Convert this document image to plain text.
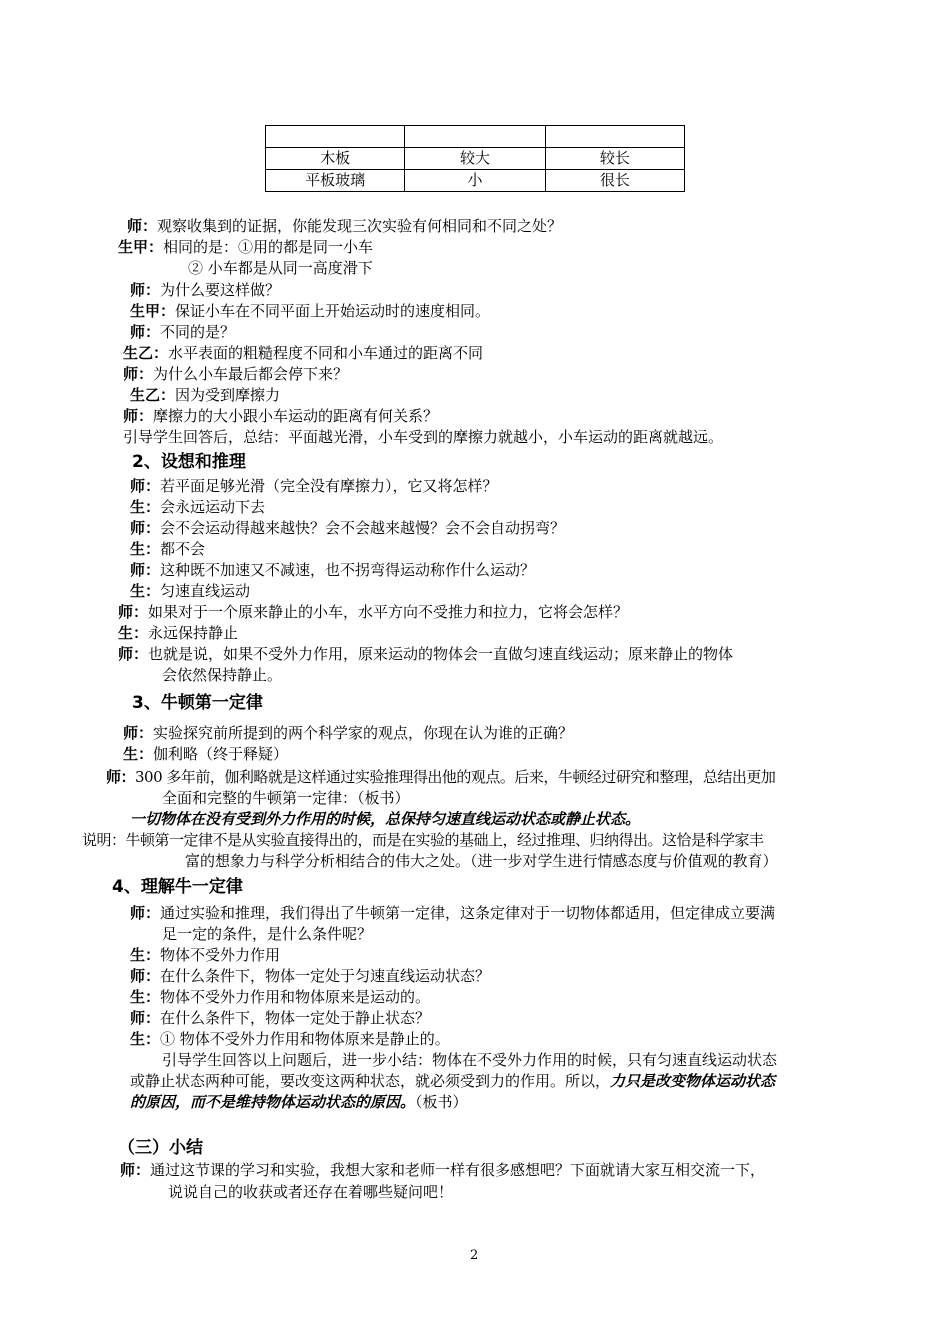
木板	较大	较长
平板玻璃	小	很长
师：观察收集到的证据，你能发现三次实验有何相同和不同之处？
生甲：相同的是：①用的都是同一小车
② 小车都是从同一高度滑下
师：为什么要这样做？
生甲：保证小车在不同平面上开始运动时的速度相同。
师：不同的是？
生乙：水平表面的粗糙程度不同和小车通过的距离不同
师：为什么小车最后都会停下来？
生乙：因为受到摩擦力
师：摩擦力的大小跟小车运动的距离有何关系？
引导学生回答后，总结：平面越光滑，小车受到的摩擦力就越小，小车运动的距离就越远。
2、设想和推理
师：若平面足够光滑（完全没有摩擦力），它又将怎样？
生：会永远运动下去
师：会不会运动得越来越快？会不会越来越慢？会不会自动拐弯？
生：都不会
师：这种既不加速又不减速，也不拐弯得运动称作什么运动？
生：匀速直线运动
师：如果对于一个原来静止的小车，水平方向不受推力和拉力，它将会怎样？
生：永远保持静止
师：也就是说，如果不受外力作用，原来运动的物体会一直做匀速直线运动；原来静止的物体
会依然保持静止。
3、牛顿第一定律
师：实验探究前所提到的两个科学家的观点，你现在认为谁的正确？
生：伽利略（终于释疑）
师：300 多年前，伽利略就是这样通过实验推理得出他的观点。后来，牛顿经过研究和整理，总结出更加
全面和完整的牛顿第一定律：（板书）
一切物体在没有受到外力作用的时候，总保持匀速直线运动状态或静止状态。
说明：牛顿第一定律不是从实验直接得出的，而是在实验的基础上，经过推理、归纳得出。这恰是科学家丰
富的想象力与科学分析相结合的伟大之处。（进一步对学生进行情感态度与价值观的教育）
4、理解牛一定律
师：通过实验和推理，我们得出了牛顿第一定律，这条定律对于一切物体都适用，但定律成立要满
足一定的条件，是什么条件呢？
生：物体不受外力作用
师：在什么条件下，物体一定处于匀速直线运动状态？
生：物体不受外力作用和物体原来是运动的。
师：在什么条件下，物体一定处于静止状态？
生：① 物体不受外力作用和物体原来是静止的。
引导学生回答以上问题后，进一步小结：物体在不受外力作用的时候，只有匀速直线运动状态
或静止状态两种可能，要改变这两种状态，就必须受到力的作用。所以，力只是改变物体运动状态
的原因，而不是维持物体运动状态的原因。（板书）
（三）小结
师：通过这节课的学习和实验，我想大家和老师一样有很多感想吧？下面就请大家互相交流一下，
说说自己的收获或者还存在着哪些疑问吧！
2
